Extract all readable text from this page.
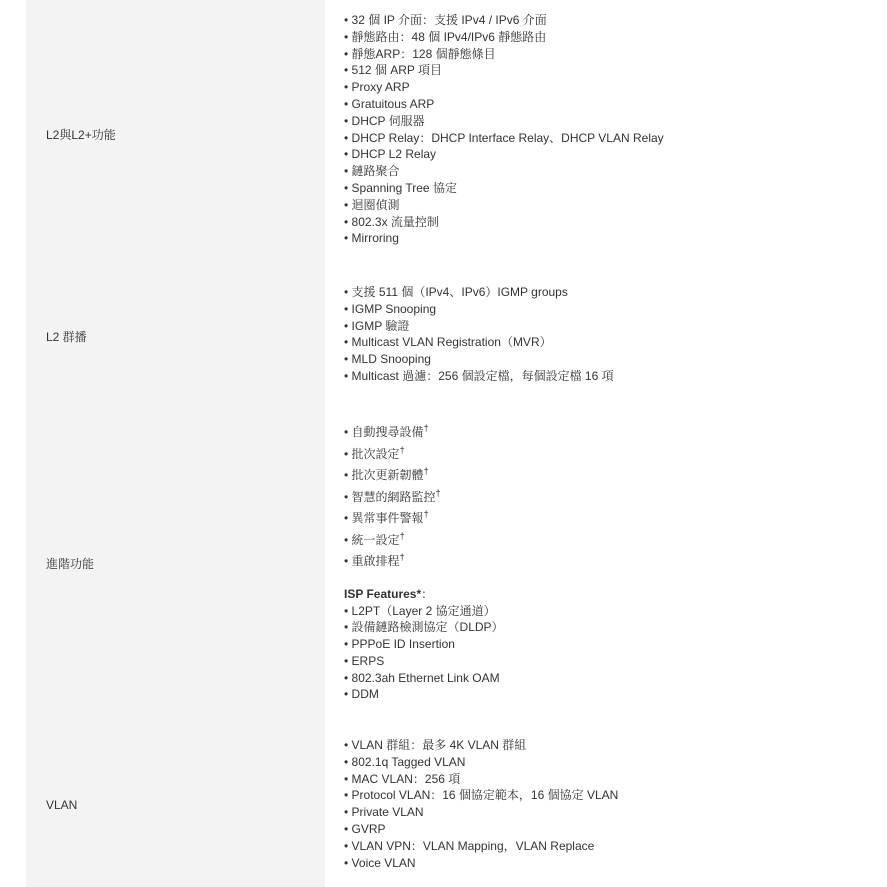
L2與L2+功能
• 32 個 IP 介面：支援 IPv4 / IPv6 介面
• 靜態路由：48 個 IPv4/IPv6 靜態路由
• 靜態ARP：128 個靜態條目
• 512 個 ARP 項目
• Proxy ARP
• Gratuitous ARP
• DHCP 伺服器
• DHCP Relay：DHCP Interface Relay、DHCP VLAN Relay
• DHCP L2 Relay
• 鏈路聚合
• Spanning Tree 協定
• 迴圈偵測
• 802.3x 流量控制
• Mirroring
L2 群播
• 支援 511 個（IPv4、IPv6）IGMP groups
• IGMP Snooping
• IGMP 驗證
• Multicast VLAN Registration（MVR）
• MLD Snooping
• Multicast 過濾：256 個設定檔，每個設定檔 16 項
進階功能
• 自動搜尋設備†
• 批次設定†
• 批次更新韌體†
• 智慧的網路監控†
• 異常事件警報†
• 統一設定†
• 重啟排程†
ISP Features*：
• L2PT（Layer 2 協定通道）
• 設備鏈路檢測協定（DLDP）
• PPPoE ID Insertion
• ERPS
• 802.3ah Ethernet Link OAM
• DDM
VLAN
• VLAN 群組：最多 4K VLAN 群組
• 802.1q Tagged VLAN
• MAC VLAN：256 項
• Protocol VLAN：16 個協定範本，16 個協定 VLAN
• Private VLAN
• GVRP
• VLAN VPN：VLAN Mapping，VLAN Replace
• Voice VLAN
